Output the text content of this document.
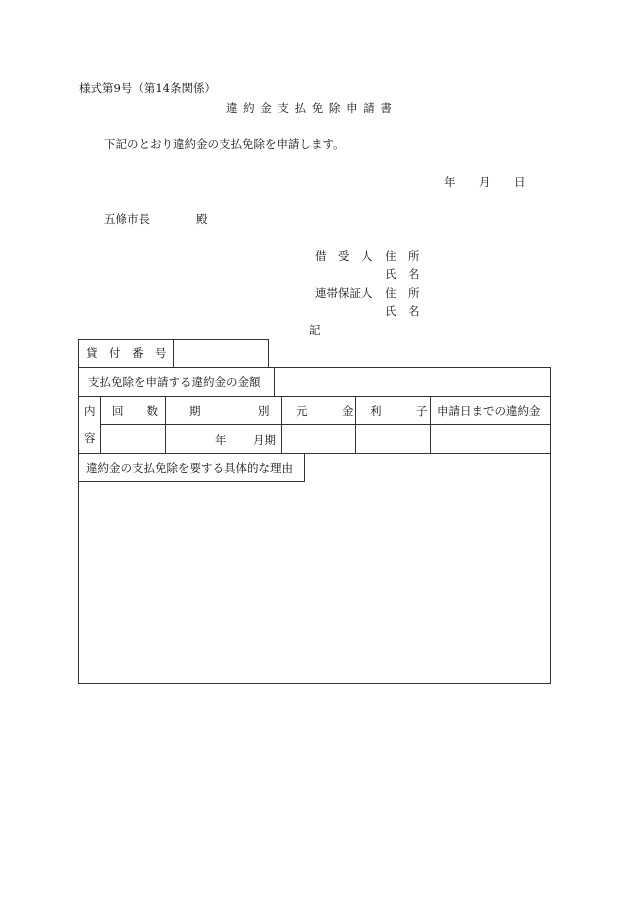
様式第9号（第14条関係）
違 約 金 支 払 免 除 申 請 書
下記のとおり違約金の支払免除を申請します。
年 月 日
五條市長	殿
借　受　人 住　所
氏　名
連帯保証人 住　所
氏　名
記
貸　付　番　号
支払免除を申請する違約金の金額
内
容
回　　数	期　　　　　別 元　　　金 利　　　子 申請日までの違約金
年 月期
違約金の支払免除を要する具体的な理由
